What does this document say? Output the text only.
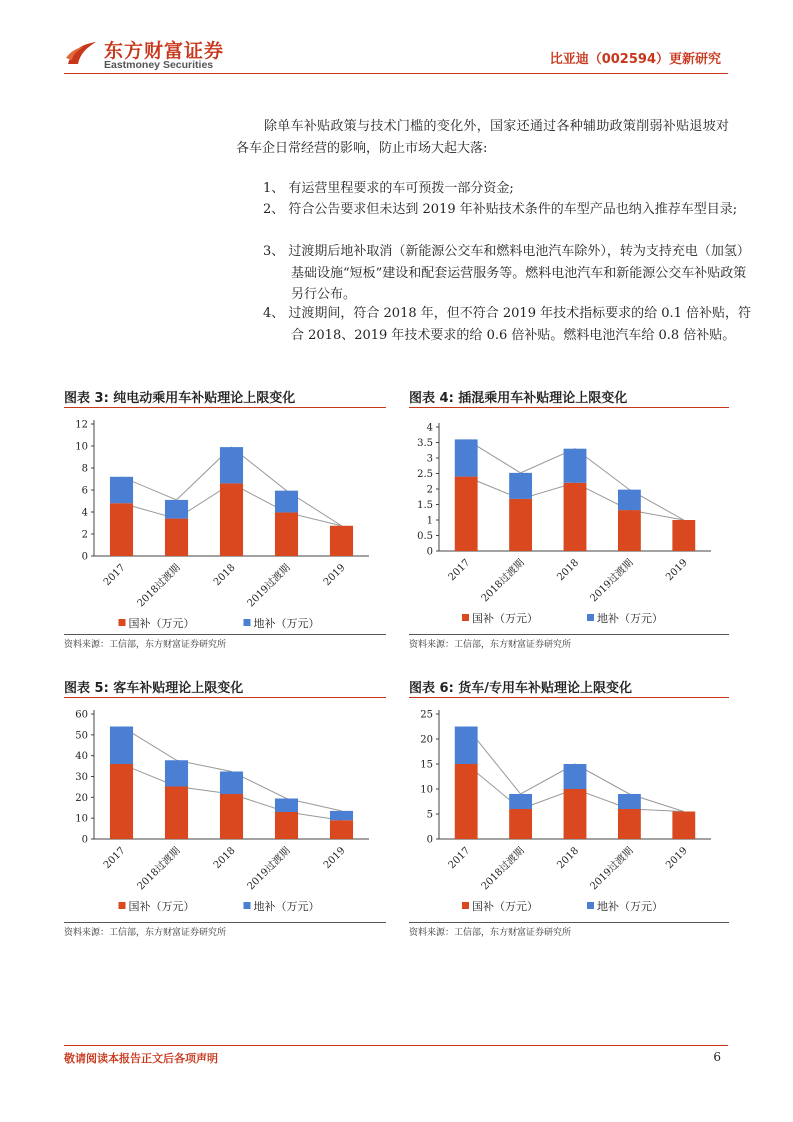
东方财富证券
Eastmoney Securities	比亚迪（002594）更新研究
除单车补贴政策与技术门槛的变化外，国家还通过各种辅助政策削弱补贴退坡对各车企日常经营的影响，防止市场大起大落:
1、 有运营里程要求的车可预拨一部分资金;
2、 符合公告要求但未达到 2019 年补贴技术条件的车型产品也纳入推荐车型目录;
3、 过渡期后地补取消（新能源公交车和燃料电池汽车除外），转为支持充电（加氢）基础设施“短板”建设和配套运营服务等。燃料电池汽车和新能源公交车补贴政策另行公布。
4、 过渡期间，符合 2018 年，但不符合 2019 年技术指标要求的给 0.1 倍补贴，符合 2018、2019 年技术要求的给 0.6 倍补贴。燃料电池汽车给 0.8 倍补贴。
图表 3: 纯电动乘用车补贴理论上限变化
0
2
4
6
8
10
12
2017 2018过渡期	2018 2019过渡期	2019
国补（万元）	地补（万元）
资料来源：工信部，东方财富证券研究所
图表 4: 插混乘用车补贴理论上限变化
0
0.5
1
1.5
2
2.5
3
3.5
4
2017 2018过渡期	2018 2019过渡期	2019
国补（万元）	地补（万元）
资料来源：工信部，东方财富证券研究所
图表 5: 客车补贴理论上限变化
0
10
20
30
40
50
60
2017 2018过渡期	2018 2019过渡期	2019
国补（万元）	地补（万元）
资料来源：工信部，东方财富证券研究所
图表 6: 货车/专用车补贴理论上限变化
0
5
10
15
20
25
2017 2018过渡期	2018 2019过渡期	2019
国补（万元）	地补（万元）
资料来源：工信部，东方财富证券研究所
敬请阅读本报告正文后各项声明	6
